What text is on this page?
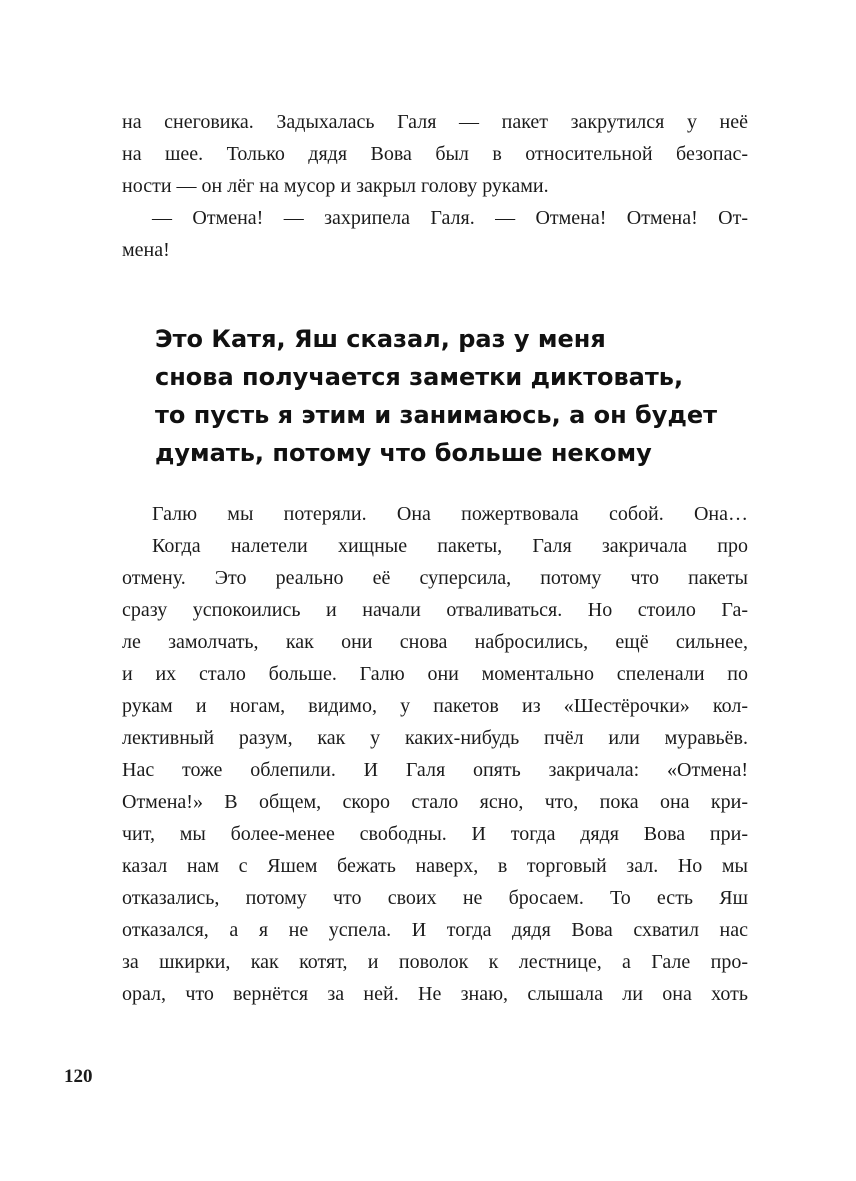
на снеговика. Задыхалась Галя — пакет закрутился у неё
на шее. Только дядя Вова был в относительной безопас-
ности — он лёг на мусор и закрыл голову руками.
— Отмена! — захрипела Галя. — Отмена! Отмена! От-
мена!
Это Катя, Яш сказал, раз у меня
снова получается заметки диктовать,
то пусть я этим и занимаюсь, а он будет
думать, потому что больше некому
Галю мы потеряли. Она пожертвовала собой. Она…
Когда налетели хищные пакеты, Галя закричала про
отмену. Это реально её суперсила, потому что пакеты
сразу успокоились и начали отваливаться. Но стоило Га-
ле замолчать, как они снова набросились, ещё сильнее,
и их стало больше. Галю они моментально спеленали по
рукам и ногам, видимо, у пакетов из «Шестёрочки» кол-
лективный разум, как у каких-нибудь пчёл или муравьёв.
Нас тоже облепили. И Галя опять закричала: «Отмена!
Отмена!» В общем, скоро стало ясно, что, пока она кри-
чит, мы более-менее свободны. И тогда дядя Вова при-
казал нам с Яшем бежать наверх, в торговый зал. Но мы
отказались, потому что своих не бросаем. То есть Яш
отказался, а я не успела. И тогда дядя Вова схватил нас
за шкирки, как котят, и поволок к лестнице, а Гале про-
орал, что вернётся за ней. Не знаю, слышала ли она хоть
120
